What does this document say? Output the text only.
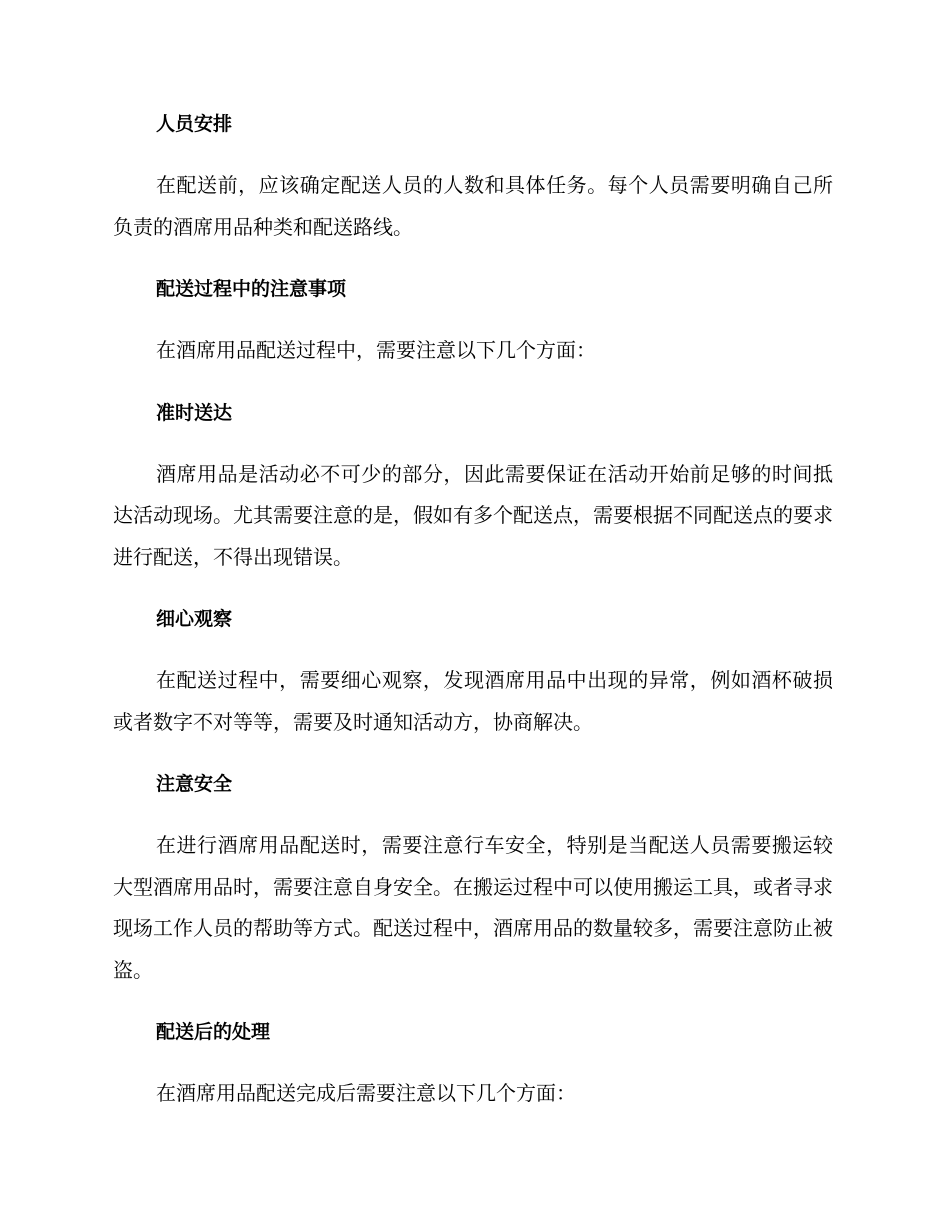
人员安排

在配送前，应该确定配送人员的人数和具体任务。每个人员需要明确自己所负责的酒席用品种类和配送路线。

配送过程中的注意事项

在酒席用品配送过程中，需要注意以下几个方面：

准时送达

酒席用品是活动必不可少的部分，因此需要保证在活动开始前足够的时间抵达活动现场。尤其需要注意的是，假如有多个配送点，需要根据不同配送点的要求进行配送，不得出现错误。

细心观察

在配送过程中，需要细心观察，发现酒席用品中出现的异常，例如酒杯破损或者数字不对等等，需要及时通知活动方，协商解决。

注意安全

在进行酒席用品配送时，需要注意行车安全，特别是当配送人员需要搬运较大型酒席用品时，需要注意自身安全。在搬运过程中可以使用搬运工具，或者寻求现场工作人员的帮助等方式。配送过程中，酒席用品的数量较多，需要注意防止被盗。

配送后的处理

在酒席用品配送完成后需要注意以下几个方面：
